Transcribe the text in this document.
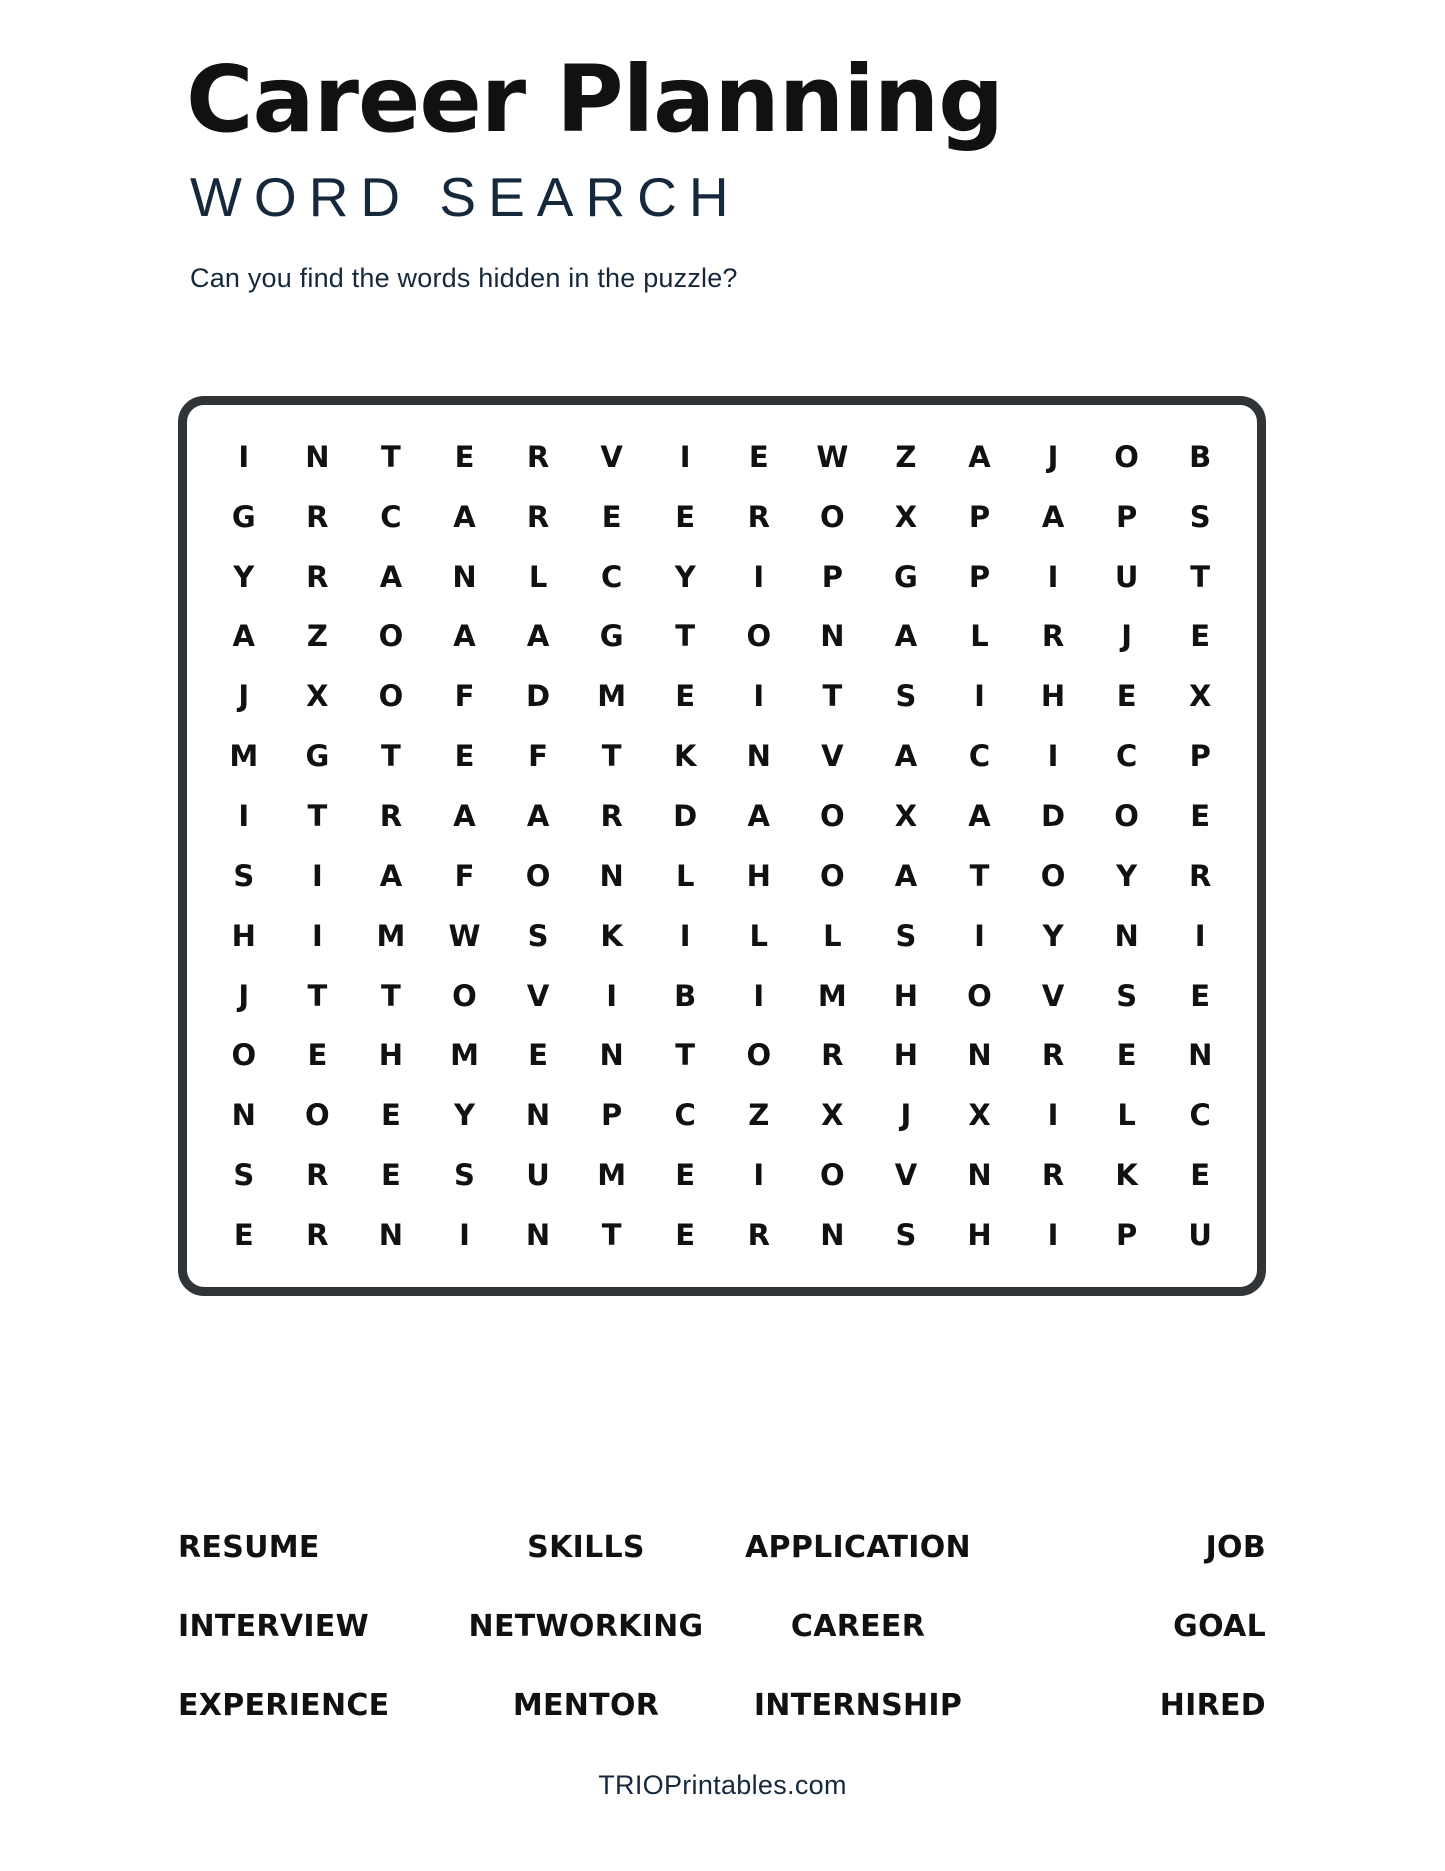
Career Planning
WORD SEARCH
Can you find the words hidden in the puzzle?
I	N	T	E	R	V	I	E	W	Z	A	J	O	B
G	R	C	A	R	E	E	R	O	X	P	A	P	S
Y	R	A	N	L	C	Y	I	P	G	P	I	U	T
A	Z	O	A	A	G	T	O	N	A	L	R	J	E
J	X	O	F	D	M	E	I	T	S	I	H	E	X
M	G	T	E	F	T	K	N	V	A	C	I	C	P
I	T	R	A	A	R	D	A	O	X	A	D	O	E
S	I	A	F	O	N	L	H	O	A	T	O	Y	R
H	I	M	W	S	K	I	L	L	S	I	Y	N	I
J	T	T	O	V	I	B	I	M	H	O	V	S	E
O	E	H	M	E	N	T	O	R	H	N	R	E	N
N	O	E	Y	N	P	C	Z	X	J	X	I	L	C
S	R	E	S	U	M	E	I	O	V	N	R	K	E
E	R	N	I	N	T	E	R	N	S	H	I	P	U
RESUME	SKILLS	APPLICATION	JOB
INTERVIEW	NETWORKING	CAREER	GOAL
EXPERIENCE	MENTOR	INTERNSHIP	HIRED
TRIOPrintables.com
